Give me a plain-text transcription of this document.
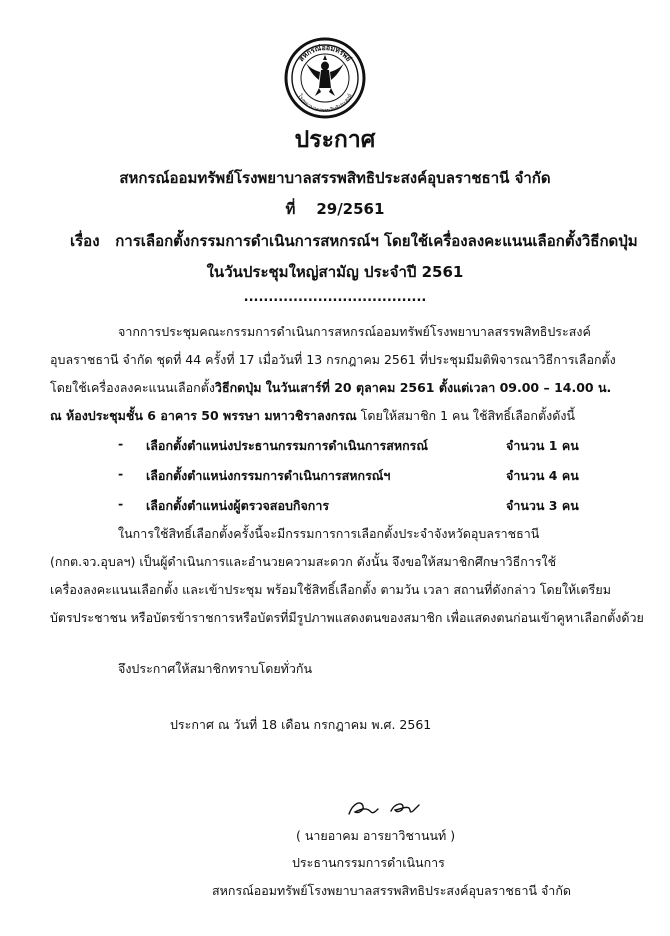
สหกรณ์ออมทรัพย์
โรงพยาบาลสรรพสิทธิประสงค์
ประกาศ
สหกรณ์ออมทรัพย์โรงพยาบาลสรรพสิทธิประสงค์อุบลราชธานี จำกัด
ที่ 29/2561
เรื่อง การเลือกตั้งกรรมการดำเนินการสหกรณ์ฯ โดยใช้เครื่องลงคะแนนเลือกตั้งวิธีกดปุ่ม
ในวันประชุมใหญ่สามัญ ประจำปี 2561
.....................................
จากการประชุมคณะกรรมการดำเนินการสหกรณ์ออมทรัพย์โรงพยาบาลสรรพสิทธิประสงค์
อุบลราชธานี จำกัด ชุดที่ 44 ครั้งที่ 17 เมื่อวันที่ 13 กรกฎาคม 2561 ที่ประชุมมีมติพิจารณาวิธีการเลือกตั้ง
โดยใช้เครื่องลงคะแนนเลือกตั้งวิธีกดปุ่ม ในวันเสาร์ที่ 20 ตุลาคม 2561 ตั้งแต่เวลา 09.00 – 14.00 น.
ณ ห้องประชุมชั้น 6 อาคาร 50 พรรษา มหาวชิราลงกรณ โดยให้สมาชิก 1 คน ใช้สิทธิ์เลือกตั้งดังนี้
- เลือกตั้งตำแหน่งประธานกรรมการดำเนินการสหกรณ์	จำนวน 1 คน
- เลือกตั้งตำแหน่งกรรมการดำเนินการสหกรณ์ฯ	จำนวน 4 คน
- เลือกตั้งตำแหน่งผู้ตรวจสอบกิจการ	จำนวน 3 คน
ในการใช้สิทธิ์เลือกตั้งครั้งนี้จะมีกรรมการการเลือกตั้งประจำจังหวัดอุบลราชธานี
(กกต.จว.อุบลฯ) เป็นผู้ดำเนินการและอำนวยความสะดวก ดังนั้น จึงขอให้สมาชิกศึกษาวิธีการใช้
เครื่องลงคะแนนเลือกตั้ง และเข้าประชุม พร้อมใช้สิทธิ์เลือกตั้ง ตามวัน เวลา สถานที่ดังกล่าว โดยให้เตรียม
บัตรประชาชน หรือบัตรข้าราชการหรือบัตรที่มีรูปภาพแสดงตนของสมาชิก เพื่อแสดงตนก่อนเข้าคูหาเลือกตั้งด้วย
จึงประกาศให้สมาชิกทราบโดยทั่วกัน
ประกาศ ณ วันที่ 18 เดือน กรกฎาคม พ.ศ. 2561
( นายอาคม อารยาวิชานนท์ )
ประธานกรรมการดำเนินการ
สหกรณ์ออมทรัพย์โรงพยาบาลสรรพสิทธิประสงค์อุบลราชธานี จำกัด
